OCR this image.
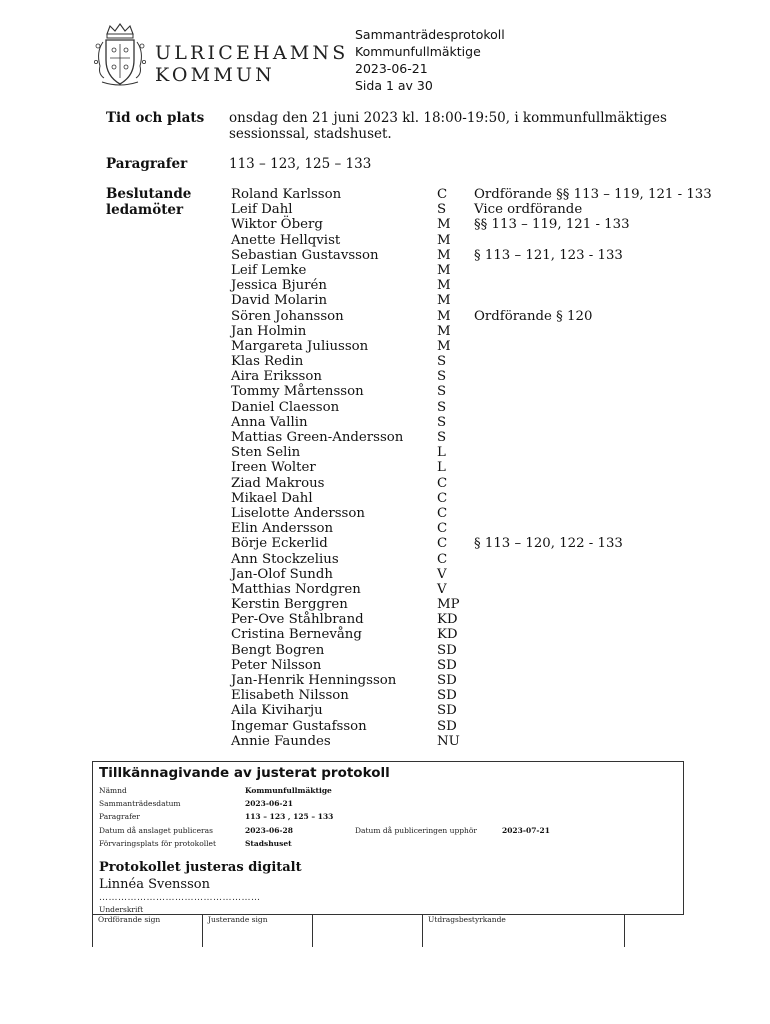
ULRICEHAMNS
KOMMUN
Sammanträdesprotokoll
Kommunfullmäktige
2023-06-21
Sida 1 av 30
Tid och plats onsdag den 21 juni 2023 kl. 18:00-19:50, i kommunfullmäktiges
sessionssal, stadshuset.
Paragrafer	113 – 123, 125 – 133
Beslutande
ledamöter
Roland Karlsson	C Ordförande §§ 113 – 119, 121 - 133
Leif Dahl	S Vice ordförande
Wiktor Öberg	M §§ 113 – 119, 121 - 133
Anette Hellqvist	M
Sebastian Gustavsson	M § 113 – 121, 123 - 133
Leif Lemke	M
Jessica Bjurén	M
David Molarin	M
Sören Johansson	M Ordförande § 120
Jan Holmin	M
Margareta Juliusson	M
Klas Redin	S
Aira Eriksson	S
Tommy Mårtensson	S
Daniel Claesson	S
Anna Vallin	S
Mattias Green-Andersson	S
Sten Selin	L
Ireen Wolter	L
Ziad Makrous	C
Mikael Dahl	C
Liselotte Andersson	C
Elin Andersson	C
Börje Eckerlid	C § 113 – 120, 122 - 133
Ann Stockzelius	C
Jan-Olof Sundh	V
Matthias Nordgren	V
Kerstin Berggren	MP
Per-Ove Ståhlbrand	KD
Cristina Bernevång	KD
Bengt Bogren	SD
Peter Nilsson	SD
Jan-Henrik Henningsson	SD
Elisabeth Nilsson	SD
Aila Kiviharju	SD
Ingemar Gustafsson	SD
Annie Faundes	NU
Tillkännagivande av justerat protokoll
Nämnd	Kommunfullmäktige
Sammanträdesdatum	2023-06-21
Paragrafer	113 – 123 , 125 – 133
Datum då anslaget publiceras	2023-06-28	Datum då publiceringen upphör	2023-07-21
Förvaringsplats för protokollet	Stadshuset
Protokollet justeras digitalt
Linnéa Svensson
……………………………………………
Underskrift
Ordförande sign	Justerande sign	Utdragsbestyrkande
